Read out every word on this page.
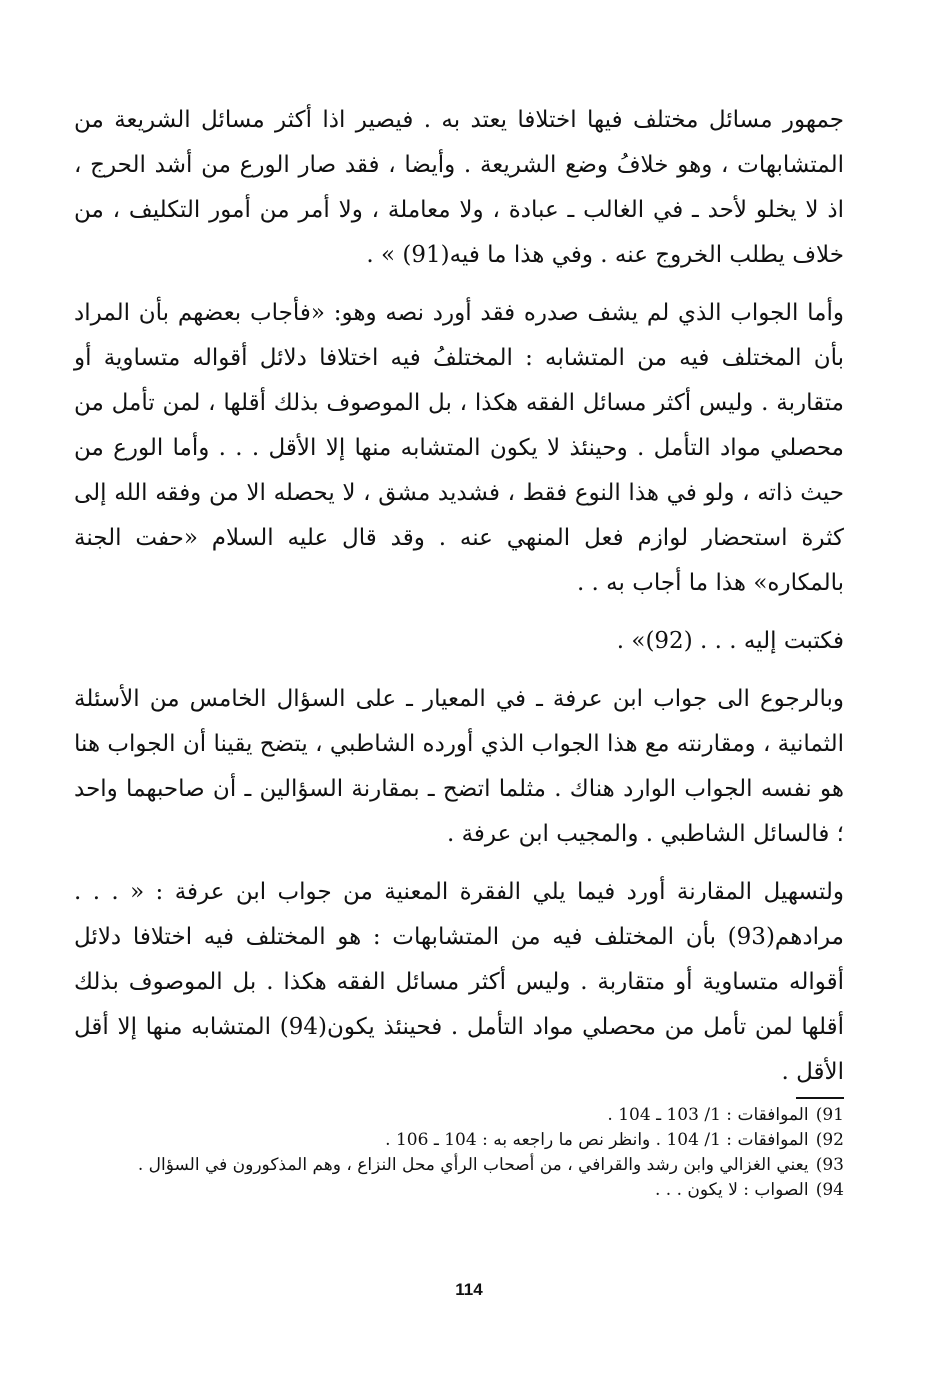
جمهور مسائل مختلف فيها اختلافا يعتد به . فيصير اذا أكثر مسائل الشريعة من المتشابهات ، وهو خلافُ وضع الشريعة . وأيضا ، فقد صار الورع من أشد الحرج ، اذ لا يخلو لأحد ـ في الغالب ـ عبادة ، ولا معاملة ، ولا أمر من أمور التكليف ، من خلاف يطلب الخروج عنه . وفي هذا ما فيه(91) » .

وأما الجواب الذي لم يشف صدره فقد أورد نصه وهو: «فأجاب بعضهم بأن المراد بأن المختلف فيه من المتشابه : المختلفُ فيه اختلافا دلائل أقواله متساوية أو متقاربة . وليس أكثر مسائل الفقه هكذا ، بل الموصوف بذلك أقلها ، لمن تأمل من محصلي مواد التأمل . وحينئذ لا يكون المتشابه منها إلا الأقل . . . وأما الورع من حيث ذاته ، ولو في هذا النوع فقط ، فشديد مشق ، لا يحصله الا من وفقه الله إلى كثرة استحضار لوازم فعل المنهي عنه . وقد قال عليه السلام «حفت الجنة بالمكاره» هذا ما أجاب به . .

فكتبت إليه . . . (92)» .

وبالرجوع الى جواب ابن عرفة ـ في المعيار ـ على السؤال الخامس من الأسئلة الثمانية ، ومقارنته مع هذا الجواب الذي أورده الشاطبي ، يتضح يقينا أن الجواب هنا هو نفسه الجواب الوارد هناك . مثلما اتضح ـ بمقارنة السؤالين ـ أن صاحبهما واحد ؛ فالسائل الشاطبي . والمجيب ابن عرفة .

ولتسهيل المقارنة أورد فيما يلي الفقرة المعنية من جواب ابن عرفة : « . . . مرادهم(93) بأن المختلف فيه من المتشابهات : هو المختلف فيه اختلافا دلائل أقواله متساوية أو متقاربة . وليس أكثر مسائل الفقه هكذا . بل الموصوف بذلك أقلها لمن تأمل من محصلي مواد التأمل . فحينئذ يكون(94) المتشابه منها إلا أقل الأقل .

91) الموافقات : 1/ 103 ـ 104 .
92) الموافقات : 1/ 104 . وانظر نص ما راجعه به : 104 ـ 106 .
93) يعني الغزالي وابن رشد والقرافي ، من أصحاب الرأي محل النزاع ، وهم المذكورون في السؤال .
94) الصواب : لا يكون . . .
114
